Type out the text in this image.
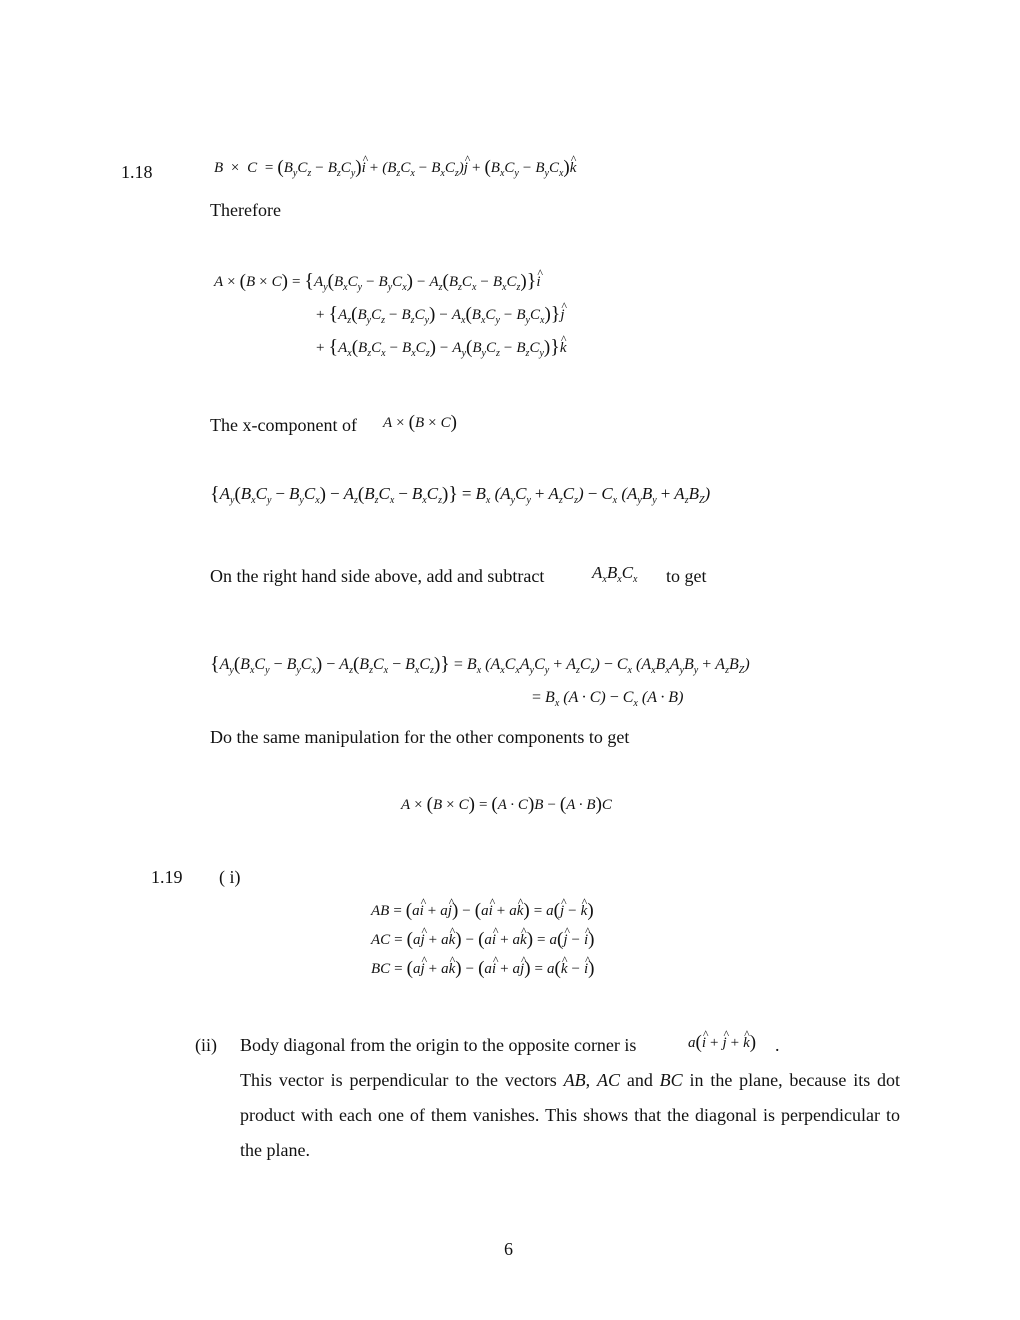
1.18	$B \times C = (B_yC_z$ − $B_zC_y)\^{}$ $i + (B_zC_x$ − $B_xC_z)\^{}$ $j + (B_xC_y$ − $B_yC_x)\^{}$ k
Therefore
$A \times (B \times C) = \{A_y(B_xC_y - B_yC_x) - A_z(B_zC_x$ − $B_xC_z)\}\^{}$ i
+ {$A_z(B_yC_z - B_zC_y) - A_x(B_xC_y$ − $B_yC_x)\}\^{}$ j
+ {$A_x(B_zC_x - B_xC_z) - A_y(B_yC_z$ − $B_zC_y)\}\^{}$ k
The x-component of A × (B × C)
$\{A_y(B_xC_y - B_yC_x) - A_z(B_zC_x - B_xC_z)\} = B_x$ $(A_yC_y + A_zC_z) - C_x$ $(A_yB_y + A_zB_Z)$
On the right hand side above, add and subtract	$A_xB_xC_x$ to get
$\{A_y(B_xC_y - B_yC_x) - A_z(B_zC_x - B_xC_z)\} = B_x$ $(A_xC_xA_yC_y + A_zC_z) - C_x$ $(A_xB_xA_yB_y + A_zB_Z)$
= $B_x$ $(A \cdot C) - C_x$ (A · B)
Do the same manipulation for the other components to get
A × (B × C) = (A · C)B − (A · B)C
1.19 ( i)
AB = (a^ i + a^ j) − (a^ i + a^ k) = a(^ j − ^ k)
AC = (a^ j + a^ k) − (a^ i + a^ k) = a(^ j − ^ i)
BC = (a^ j + a^ k) − (a^ i + a^ j) = a(^ k − ^ i)
(ii) Body diagonal from the origin to the opposite corner is	a(^ i + ^ j + ^ k) .
This vector is perpendicular to the vectors AB, AC and BC in the plane, because its dot product with each one of them vanishes. This shows that the diagonal is perpendicular to the plane.
6
